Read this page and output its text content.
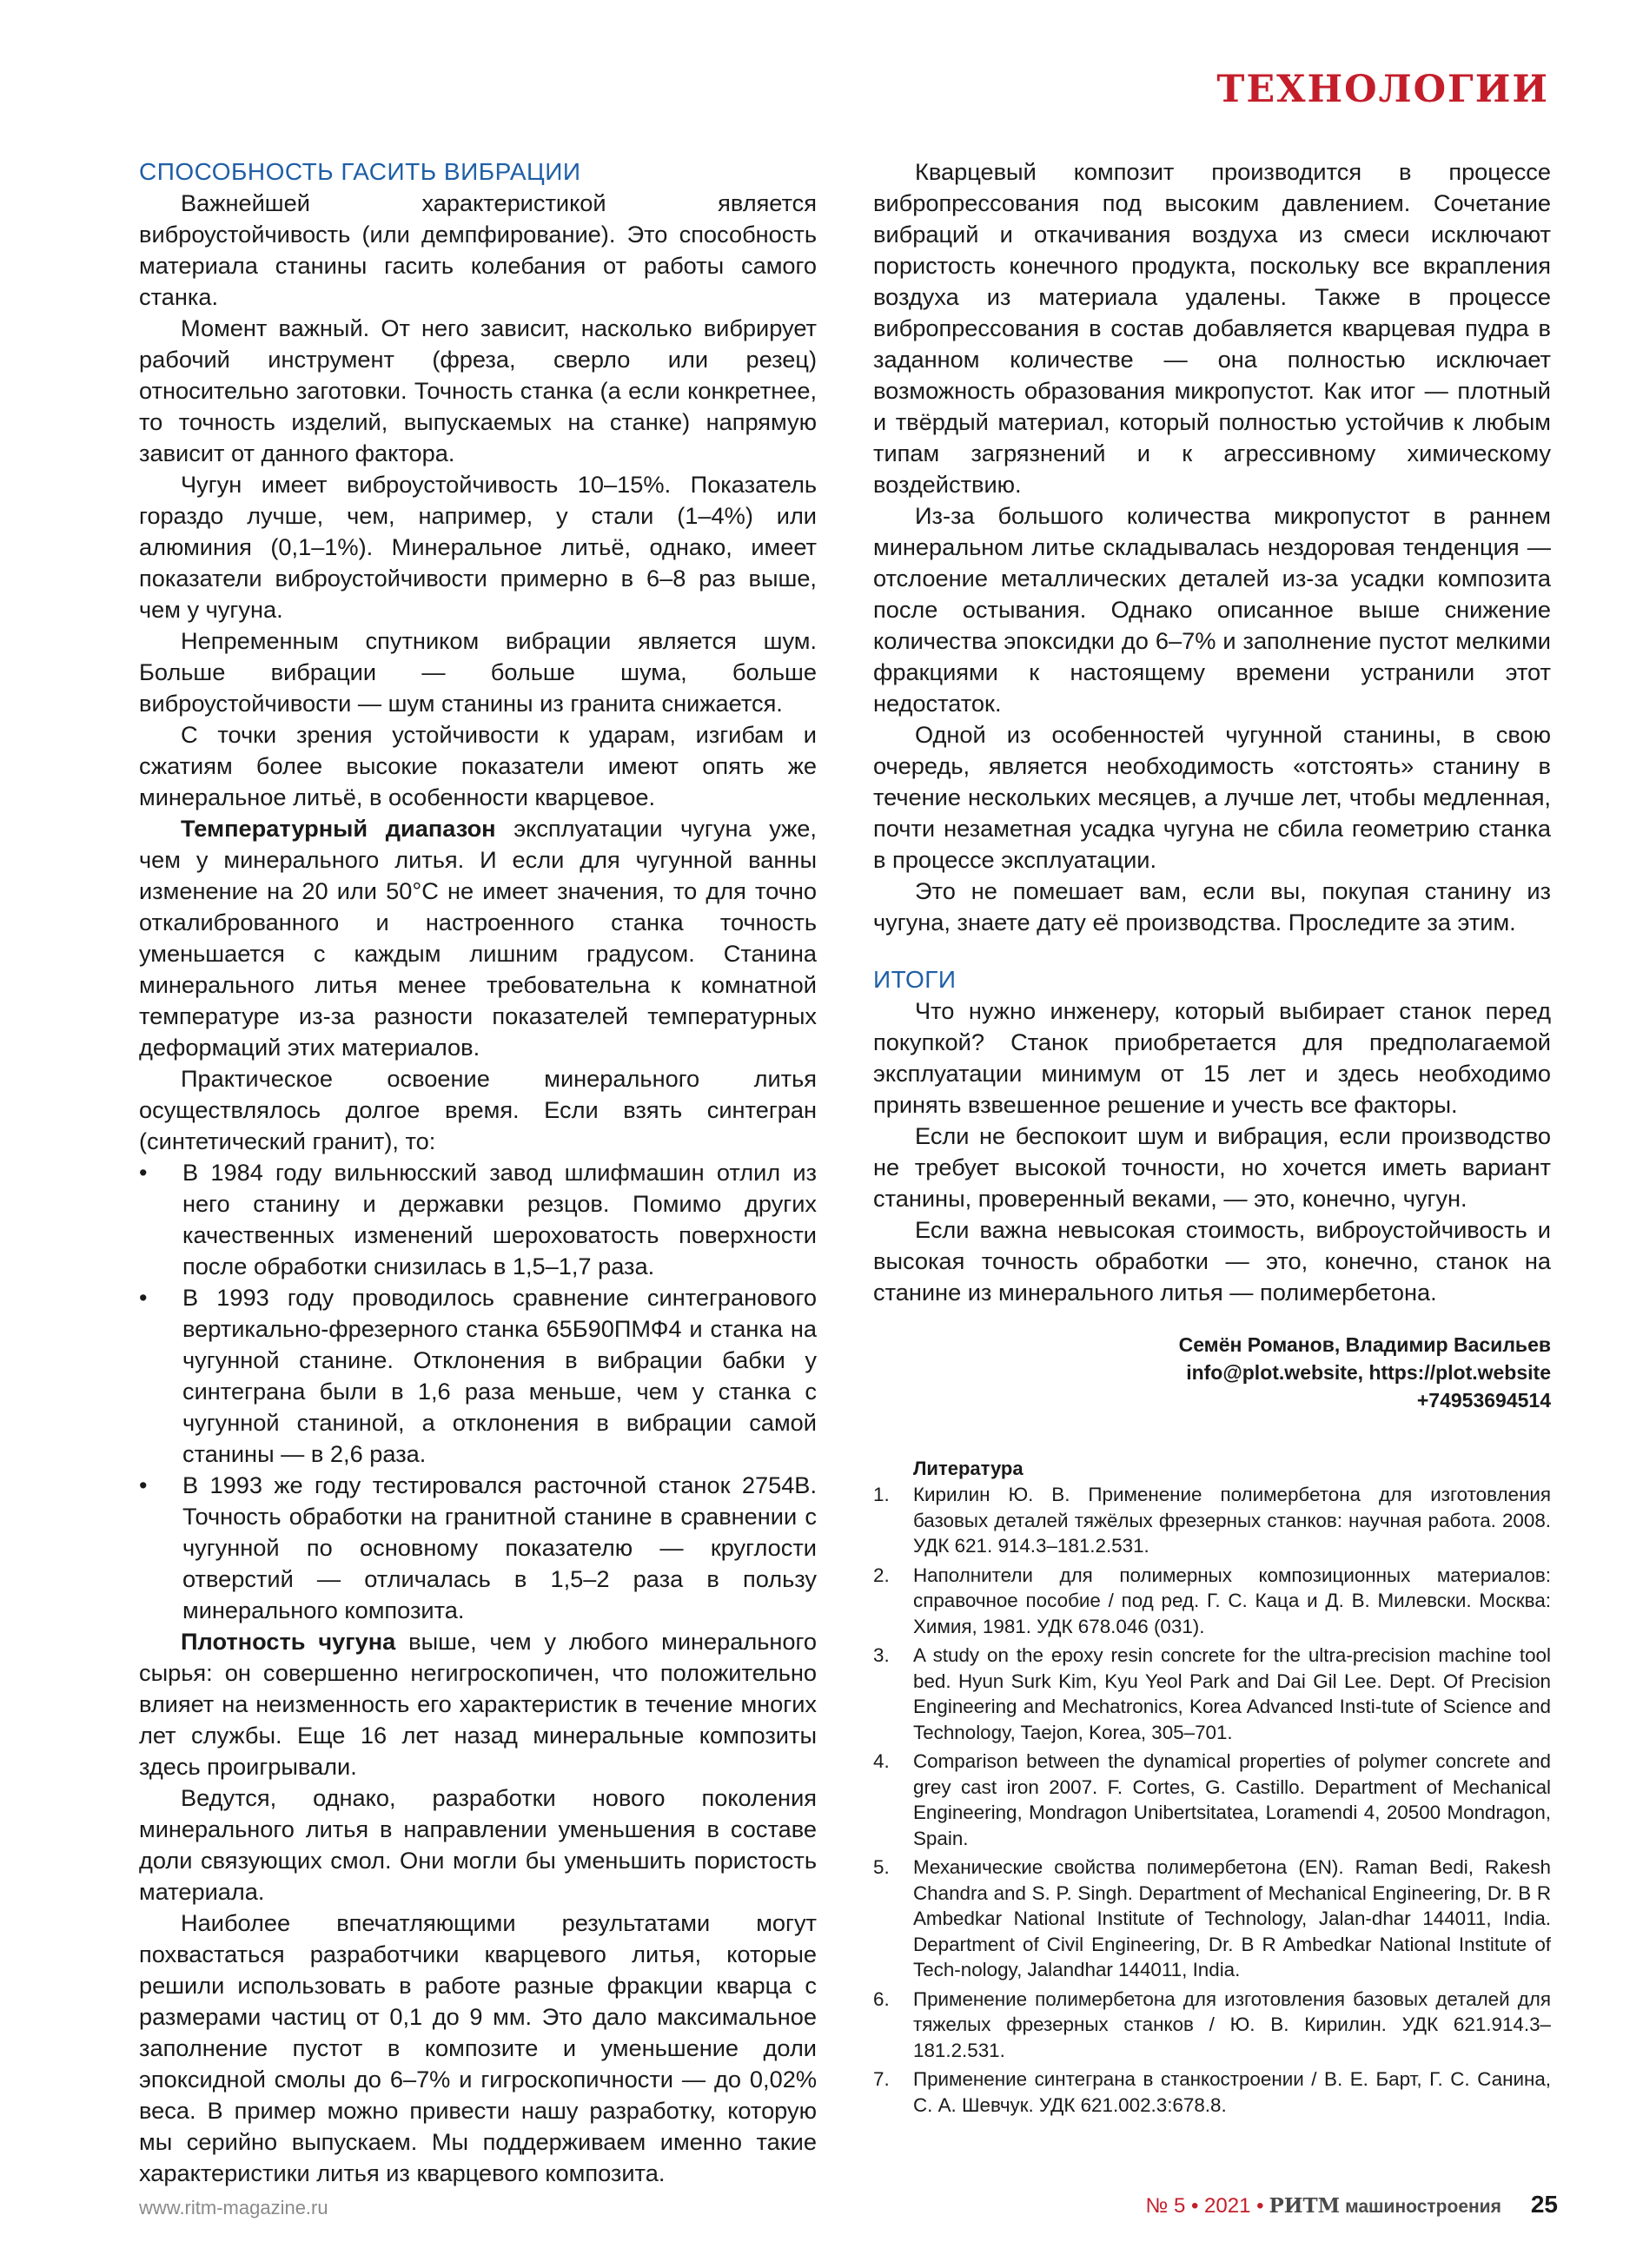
ТЕХНОЛОГИИ
СПОСОБНОСТЬ ГАСИТЬ ВИБРАЦИИ

Важнейшей характеристикой является виброустойчивость (или демпфирование). Это способность материала станины гасить колебания от работы самого станка.

Момент важный. От него зависит, насколько вибрирует рабочий инструмент (фреза, сверло или резец) относительно заготовки. Точность станка (а если конкретнее, то точность изделий, выпускаемых на станке) напрямую зависит от данного фактора.

Чугун имеет виброустойчивость 10–15%. Показатель гораздо лучше, чем, например, у стали (1–4%) или алюминия (0,1–1%). Минеральное литьё, однако, имеет показатели виброустойчивости примерно в 6–8 раз выше, чем у чугуна.

Непременным спутником вибрации является шум. Больше вибрации — больше шума, больше виброустойчивости — шум станины из гранита снижается.

С точки зрения устойчивости к ударам, изгибам и сжатиям более высокие показатели имеют опять же минеральное литьё, в особенности кварцевое.

Температурный диапазон эксплуатации чугуна уже, чем у минерального литья. И если для чугунной ванны изменение на 20 или 50°С не имеет значения, то для точно откалиброванного и настроенного станка точность уменьшается с каждым лишним градусом. Станина минерального литья менее требовательна к комнатной температуре из-за разности показателей температурных деформаций этих материалов.

Практическое освоение минерального литья осуществлялось долгое время. Если взять синтегран (синтетический гранит), то:

• В 1984 году вильнюсский завод шлифмашин отлил из него станину и державки резцов. Помимо других качественных изменений шероховатость поверхности после обработки снизилась в 1,5–1,7 раза.
• В 1993 году проводилось сравнение синтегранового вертикально-фрезерного станка 65Б90ПМФ4 и станка на чугунной станине. Отклонения в вибрации бабки у синтеграна были в 1,6 раза меньше, чем у станка с чугунной станиной, а отклонения в вибрации самой станины — в 2,6 раза.
• В 1993 же году тестировался расточной станок 2754В. Точность обработки на гранитной станине в сравнении с чугунной по основному показателю — круглости отверстий — отличалась в 1,5–2 раза в пользу минерального композита.

Плотность чугуна выше, чем у любого минерального сырья: он совершенно негигроскопичен, что положительно влияет на неизменность его характеристик в течение многих лет службы. Еще 16 лет назад минеральные композиты здесь проигрывали.

Ведутся, однако, разработки нового поколения минерального литья в направлении уменьшения в составе доли связующих смол. Они могли бы уменьшить пористость материала.

Наиболее впечатляющими результатами могут похвастаться разработчики кварцевого литья, которые решили использовать в работе разные фракции кварца с размерами частиц от 0,1 до 9 мм. Это дало максимальное заполнение пустот в композите и уменьшение доли эпоксидной смолы до 6–7% и гигроскопичности — до 0,02% веса. В пример можно привести нашу разработку, которую мы серийно выпускаем. Мы поддерживаем именно такие характеристики литья из кварцевого композита.

Кварцевый композит производится в процессе вибропрессования под высоким давлением. Сочетание вибраций и откачивания воздуха из смеси исключают пористость конечного продукта, поскольку все вкрапления воздуха из материала удалены. Также в процессе вибропрессования в состав добавляется кварцевая пудра в заданном количестве — она полностью исключает возможность образования микропустот. Как итог — плотный и твёрдый материал, который полностью устойчив к любым типам загрязнений и к агрессивному химическому воздействию.

Из-за большого количества микропустот в раннем минеральном литье складывалась нездоровая тенденция — отслоение металлических деталей из-за усадки композита после остывания. Однако описанное выше снижение количества эпоксидки до 6–7% и заполнение пустот мелкими фракциями к настоящему времени устранили этот недостаток.

Одной из особенностей чугунной станины, в свою очередь, является необходимость «отстоять» станину в течение нескольких месяцев, а лучше лет, чтобы медленная, почти незаметная усадка чугуна не сбила геометрию станка в процессе эксплуатации.

Это не помешает вам, если вы, покупая станину из чугуна, знаете дату её производства. Проследите за этим.

ИТОГИ

Что нужно инженеру, который выбирает станок перед покупкой? Станок приобретается для предполагаемой эксплуатации минимум от 15 лет и здесь необходимо принять взвешенное решение и учесть все факторы.

Если не беспокоит шум и вибрация, если производство не требует высокой точности, но хочется иметь вариант станины, проверенный веками, — это, конечно, чугун.

Если важна невысокая стоимость, виброустойчивость и высокая точность обработки — это, конечно, станок на станине из минерального литья — полимербетона.

Семён Романов, Владимир Васильев
info@plot.website, https://plot.website
+74953694514
Литература
1. Кирилин Ю. В. Применение полимербетона для изготовления базовых деталей тяжёлых фрезерных станков: научная работа. 2008. УДК 621. 914.3–181.2.531.
2. Наполнители для полимерных композиционных материалов: справочное пособие / под ред. Г. С. Каца и Д. В. Милевски. Москва: Химия, 1981. УДК 678.046 (031).
3. A study on the epoxy resin concrete for the ultra-precision machine tool bed. Hyun Surk Kim, Kyu Yeol Park and Dai Gil Lee. Dept. Of Precision Engineering and Mechatronics, Korea Advanced Insti-tute of Science and Technology, Taejon, Korea, 305–701.
4. Comparison between the dynamical properties of polymer concrete and grey cast iron 2007. F. Cortes, G. Castillo. Department of Mechanical Engineering, Mondragon Unibertsitatea, Loramendi 4, 20500 Mondragon, Spain.
5. Механические свойства полимербетона (EN). Raman Bedi, Rakesh Chandra and S. P. Singh. Department of Mechanical Engineering, Dr. B R Ambedkar National Institute of Technology, Jalan-dhar 144011, India. Department of Civil Engineering, Dr. B R Ambedkar National Institute of Tech-nology, Jalandhar 144011, India.
6. Применение полимербетона для изготовления базовых деталей для тяжелых фрезерных станков / Ю. В. Кирилин. УДК 621.914.3–181.2.531.
7. Применение синтеграна в станкостроении / В. Е. Барт, Г. С. Санина, С. А. Шевчук. УДК 621.002.3:678.8.
www.ritm-magazine.ru	№ 5 • 2021 • РИТМ машиностроения 25
